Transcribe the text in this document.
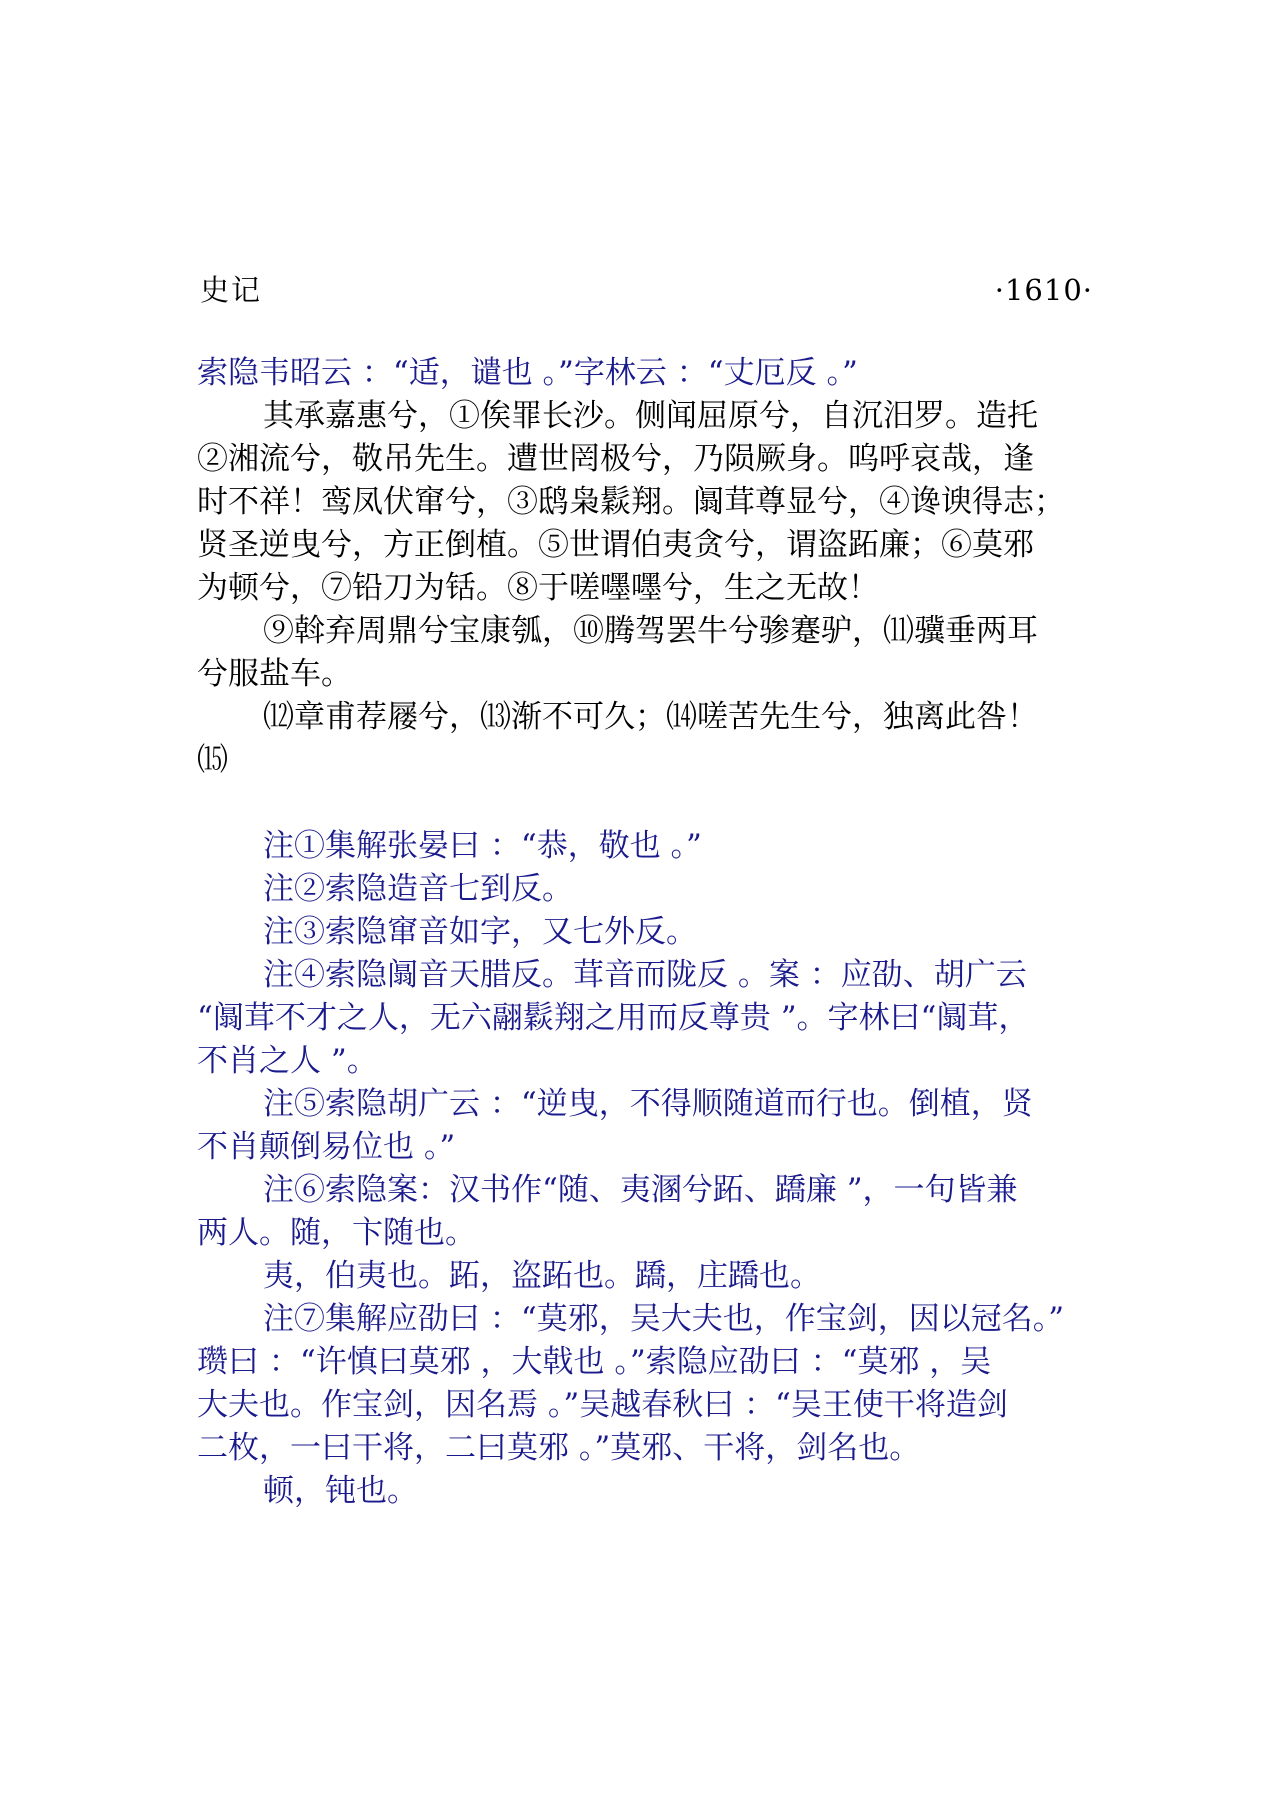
史记	·1610·
索隐韦昭云 ：“适，谴也 。”字林云 ：“丈厄反 。”
其承嘉惠兮，①俟罪长沙。侧闻屈原兮，自沉汨罗。造托
②湘流兮，敬吊先生。遭世罔极兮，乃陨厥身。呜呼哀哉，逢
时不祥！鸾凤伏窜兮，③鸱枭鬏翔。阘茸尊显兮，④谗谀得志；
贤圣逆曳兮，方正倒植。⑤世谓伯夷贪兮，谓盗跖廉；⑥莫邪
为顿兮，⑦铅刀为铦。⑧于嗟嚜嚜兮，生之无故！
⑨斡弃周鼎兮宝康瓠，⑩腾驾罢牛兮骖蹇驴，⑾骥垂两耳
兮服盐车。
⑿章甫荐屦兮，⒀渐不可久；⒁嗟苦先生兮，独离此咎！
⒂
注①集解张晏曰 ：“恭，敬也 。”
注②索隐造音七到反。
注③索隐窜音如字，又七外反。
注④索隐阘音天腊反。茸音而陇反 。案 ：应劭、胡广云
“阘茸不才之人，无六翮鬏翔之用而反尊贵 ”。字林曰“阘茸，
不肖之人 ”。
注⑤索隐胡广云 ：“逆曳，不得顺随道而行也。倒植，贤
不肖颠倒易位也 。”
注⑥索隐案：汉书作“随、夷溷兮跖、蹻廉 ”，一句皆兼
两人。随，卞随也。
夷，伯夷也。跖，盗跖也。蹻，庄蹻也。
注⑦集解应劭曰 ：“莫邪，吴大夫也，作宝剑，因以冠名。”
瓒曰 ：“许慎曰莫邪 ，大戟也 。”索隐应劭曰 ：“莫邪 ，吴
大夫也。作宝剑，因名焉 。”吴越春秋曰 ：“吴王使干将造剑
二枚，一曰干将，二曰莫邪 。”莫邪、干将，剑名也。
顿，钝也。
